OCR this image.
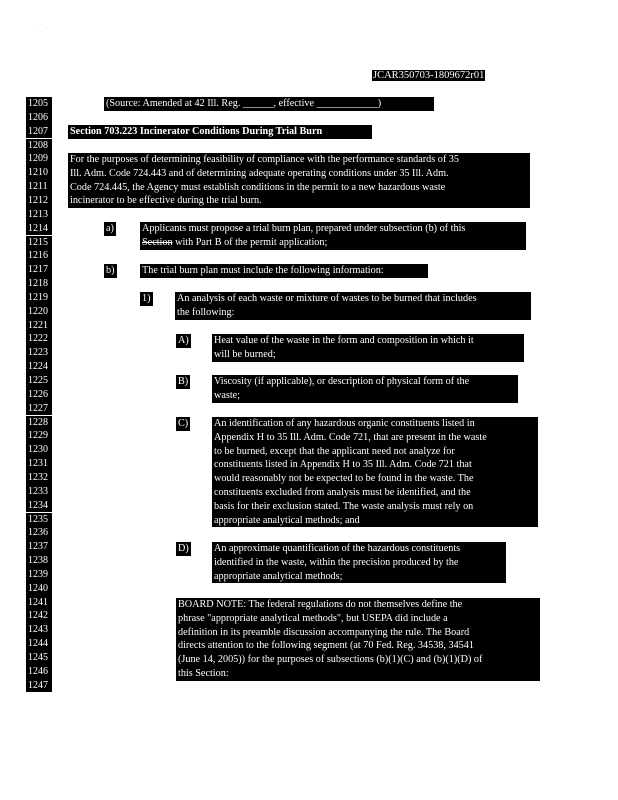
'        '
JCAR350703-1809672r01
1205
1206
1207
1208
1209
1210
1211
1212
1213
1214
1215
1216
1217
1218
1219
1220
1221
1222
1223
1224
1225
1226
1227
1228
1229
1230
1231
1232
1233
1234
1235
1236
1237
1238
1239
1240
1241
1242
1243
1244
1245
1246
1247
(Source: Amended at 42 Ill. Reg. ______, effective ____________)
Section 703.223 Incinerator Conditions During Trial Burn
For the purposes of determining feasibility of compliance with the performance standards of 35
Ill. Adm. Code 724.443 and of determining adequate operating conditions under 35 Ill. Adm.
Code 724.445, the Agency must establish conditions in the permit to a new hazardous waste
incinerator to be effective during the trial burn.
a)	Applicants must propose a trial burn plan, prepared under subsection (b) of this
Section with Part B of the permit application;
b)	The trial burn plan must include the following information:
1)	An analysis of each waste or mixture of wastes to be burned that includes
the following:
A) Heat value of the waste in the form and composition in which it
will be burned;
B)	Viscosity (if applicable), or description of physical form of the
waste;
C)	An identification of any hazardous organic constituents listed in
Appendix H to 35 Ill. Adm. Code 721, that are present in the waste
to be burned, except that the applicant need not analyze for
constituents listed in Appendix H to 35 Ill. Adm. Code 721 that
would reasonably not be expected to be found in the waste. The
constituents excluded from analysis must be identified, and the
basis for their exclusion stated. The waste analysis must rely on
appropriate analytical methods; and
D) An approximate quantification of the hazardous constituents
identified in the waste, within the precision produced by the
appropriate analytical methods;
BOARD NOTE: The federal regulations do not themselves define the
phrase "appropriate analytical methods", but USEPA did include a
definition in its preamble discussion accompanying the rule. The Board
directs attention to the following segment (at 70 Fed. Reg. 34538, 34541
(June 14, 2005)) for the purposes of subsections (b)(1)(C) and (b)(1)(D) of
this Section:
